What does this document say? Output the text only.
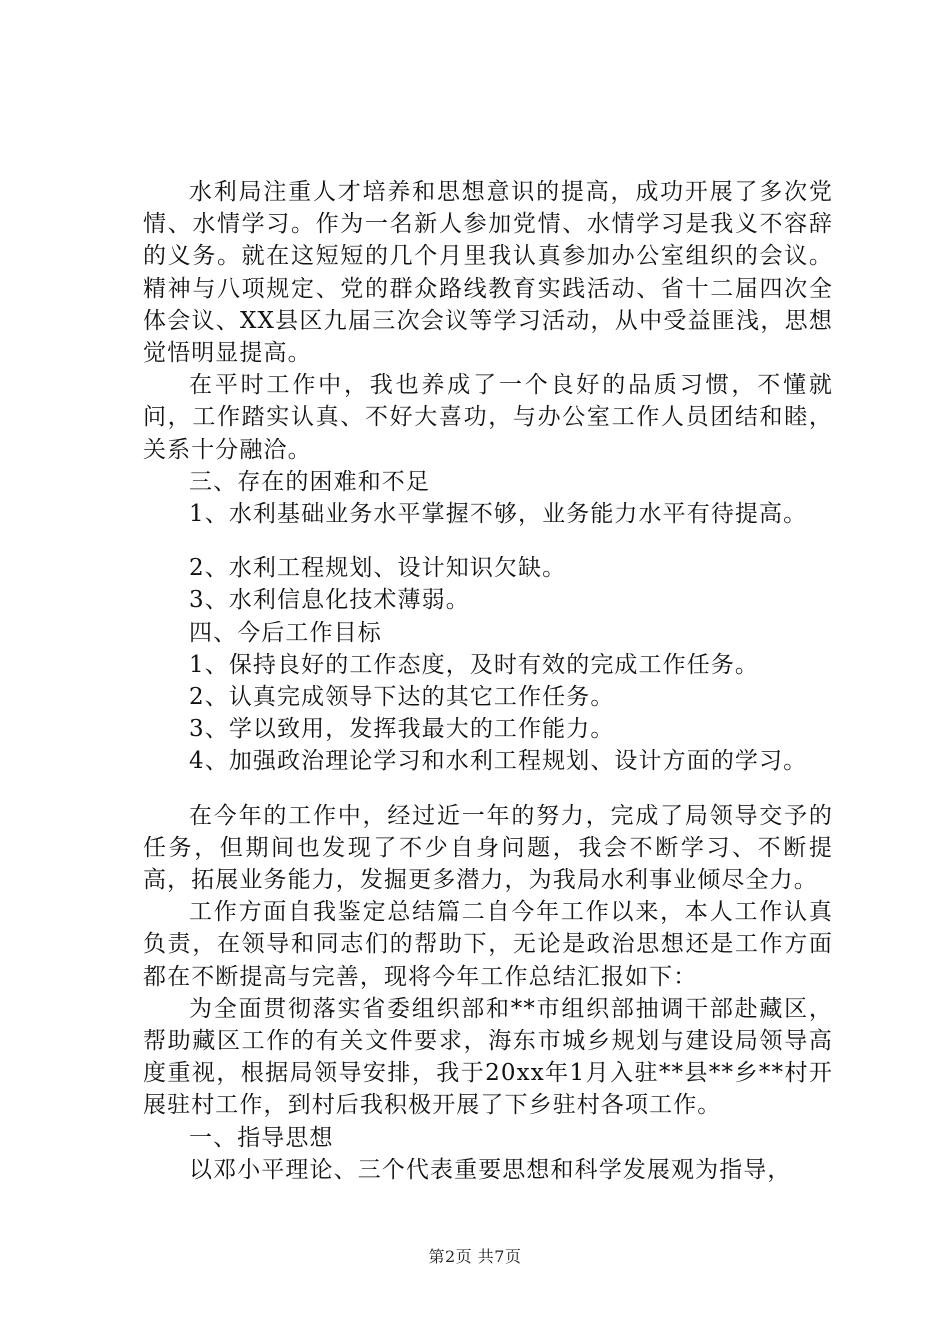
水利局注重人才培养和思想意识的提高，成功开展了多次党情、水情学习。作为一名新人参加党情、水情学习是我义不容辞的义务。就在这短短的几个月里我认真参加办公室组织的会议。精神与八项规定、党的群众路线教育实践活动、省十二届四次全体会议、XX县区九届三次会议等学习活动，从中受益匪浅，思想觉悟明显提高。

在平时工作中，我也养成了一个良好的品质习惯，不懂就问，工作踏实认真、不好大喜功，与办公室工作人员团结和睦，关系十分融洽。

三、存在的困难和不足

1、水利基础业务水平掌握不够，业务能力水平有待提高。

2、水利工程规划、设计知识欠缺。

3、水利信息化技术薄弱。

四、今后工作目标

1、保持良好的工作态度，及时有效的完成工作任务。

2、认真完成领导下达的其它工作任务。

3、学以致用，发挥我最大的工作能力。

4、加强政治理论学习和水利工程规划、设计方面的学习。

在今年的工作中，经过近一年的努力，完成了局领导交予的任务，但期间也发现了不少自身问题，我会不断学习、不断提高，拓展业务能力，发掘更多潜力，为我局水利事业倾尽全力。

工作方面自我鉴定总结篇二自今年工作以来，本人工作认真负责，在领导和同志们的帮助下，无论是政治思想还是工作方面都在不断提高与完善，现将今年工作总结汇报如下：

为全面贯彻落实省委组织部和**市组织部抽调干部赴藏区，帮助藏区工作的有关文件要求，海东市城乡规划与建设局领导高度重视，根据局领导安排，我于20xx年1月入驻**县**乡**村开展驻村工作，到村后我积极开展了下乡驻村各项工作。

一、指导思想

以邓小平理论、三个代表重要思想和科学发展观为指导，

第2页 共7页
